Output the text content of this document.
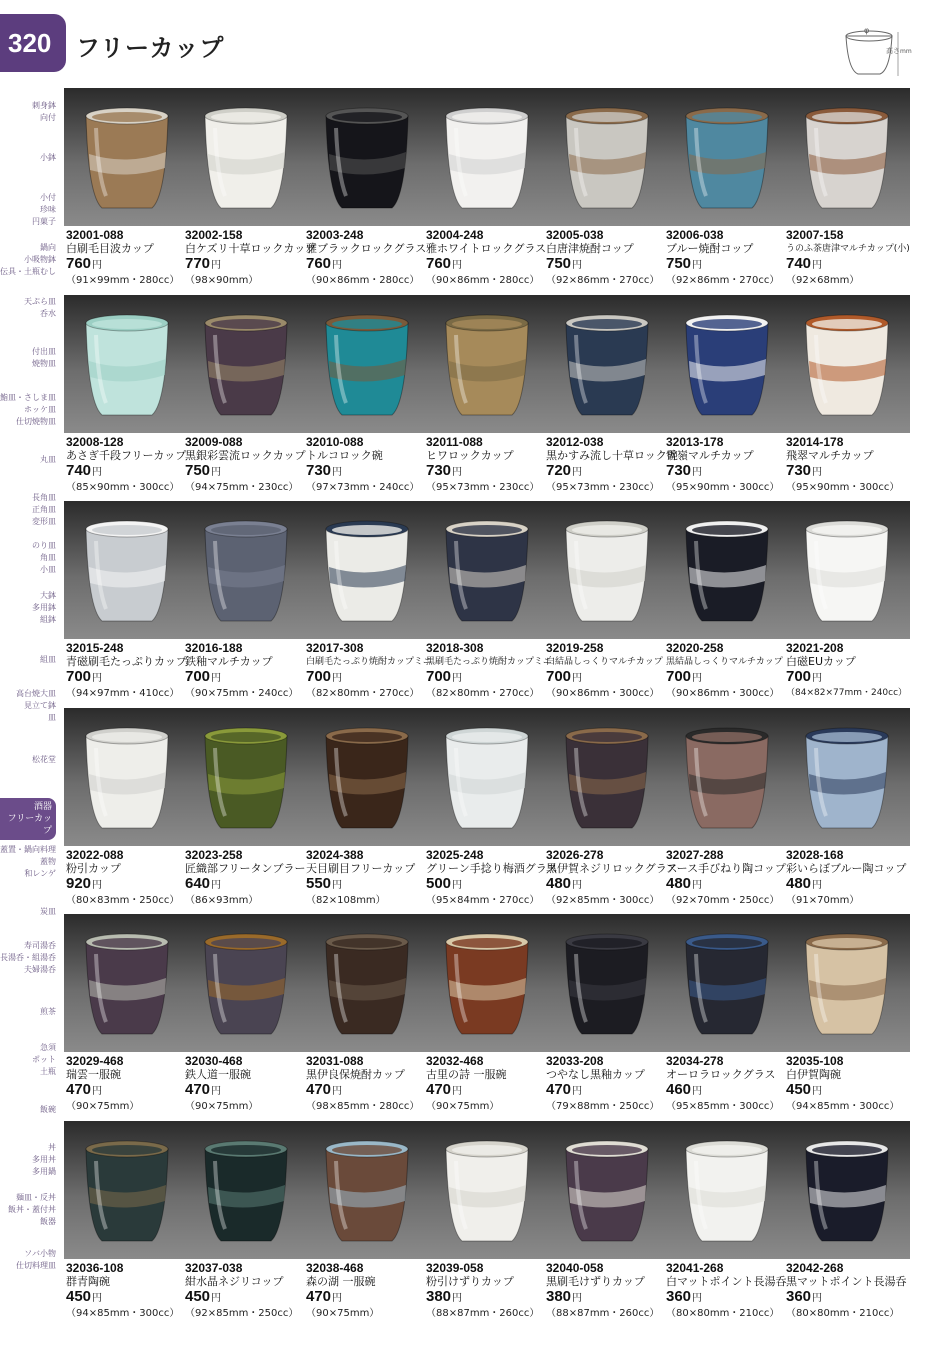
320 フリーカップ
φ
高さmm
刺身鉢
向付
小鉢
小付
珍味
円菓子
鍋向
小吸物鉢
伝具・土瓶むし
天ぷら皿
呑水
付出皿
焼物皿
鮨皿・さしま皿
ホッケ皿
仕切焼物皿
丸皿
長角皿
正角皿
変形皿
のり皿
角皿
小皿
大鉢
多用鉢
組鉢
組皿
高台焼大皿
見立て鉢
皿
松花堂
酒器
フリーカップ
蓋置・鍋向料理
蓋物
和レンゲ
炭皿
寿司湯呑
長湯呑・組湯呑
夫婦湯呑
煎茶
急須
ポット
土瓶
飯碗
丼
多用丼
多用鍋
麺皿・反丼
飯丼・蓋付丼
飯器
ソバ小物
仕切料理皿
32001-088
白刷毛目波カップ
760円
（91×99mm・280cc）
32002-158
白ケズリ十草ロックカップ
770円
（98×90mm）
32003-248
雅ブラックロックグラス
760円
（90×86mm・280cc）
32004-248
雅ホワイトロックグラス
760円
（90×86mm・280cc）
32005-038
白唐津焼酎コップ
750円
（92×86mm・270cc）
32006-038
ブルー焼酎コップ
750円
（92×86mm・270cc）
32007-158
うのふ茶唐津マルチカップ(小)
740円
（92×68mm）
32008-128
あさぎ千段フリーカップ
740円
（85×90mm・300cc）
32009-088
黒銀彩雲流ロックカップ
750円
（94×75mm・230cc）
32010-088
トルコロック碗
730円
（97×73mm・240cc）
32011-088
ヒワロックカップ
730円
（95×73mm・230cc）
32012-038
黒かすみ流し十草ロック碗
720円
（95×73mm・230cc）
32013-178
雪嶺マルチカップ
730円
（95×90mm・300cc）
32014-178
飛翠マルチカップ
730円
（95×90mm・300cc）
32015-248
青磁刷毛たっぷりカップ
700円
（94×97mm・410cc）
32016-188
鉄釉マルチカップ
700円
（90×75mm・240cc）
32017-308
白刷毛たっぷり焼酎カップミニ
700円
（82×80mm・270cc）
32018-308
黒刷毛たっぷり焼酎カップミニ
700円
（82×80mm・270cc）
32019-258
白結晶しっくりマルチカップ
700円
（90×86mm・300cc）
32020-258
黒結晶しっくりマルチカップ
700円
（90×86mm・300cc）
32021-208
白磁EUカップ
700円
（84×82×77mm・240cc）
32022-088
粉引カップ
920円
（80×83mm・250cc）
32023-258
匠織部フリータンブラー
640円
（86×93mm）
32024-388
天目刷目フリーカップ
550円
（82×108mm）
32025-248
グリーン手捻り梅酒グラス
500円
（95×84mm・270cc）
32026-278
黒伊賀ネジリロックグラス
480円
（92×85mm・300cc）
32027-288
アース手びねり陶コップ
480円
（92×70mm・250cc）
32028-168
彩いらぼブルー陶コップ
480円
（91×70mm）
32029-468
瑞雲一服碗
470円
（90×75mm）
32030-468
鉄人道一服碗
470円
（90×75mm）
32031-088
黒伊良保焼酎カップ
470円
（98×85mm・280cc）
32032-468
古里の詩 一服碗
470円
（90×75mm）
32033-208
つやなし黒釉カップ
470円
（79×88mm・250cc）
32034-278
オーロラロックグラス
460円
（95×85mm・300cc）
32035-108
白伊賀陶碗
450円
（94×85mm・300cc）
32036-108
群青陶碗
450円
（94×85mm・300cc）
32037-038
紺水晶ネジリコップ
450円
（92×85mm・250cc）
32038-468
森の湖 一服碗
470円
（90×75mm）
32039-058
粉引けずりカップ
380円
（88×87mm・260cc）
32040-058
黒刷毛けずりカップ
380円
（88×87mm・260cc）
32041-268
白マットポイント長湯呑
360円
（80×80mm・210cc）
32042-268
黒マットポイント長湯呑
360円
（80×80mm・210cc）
